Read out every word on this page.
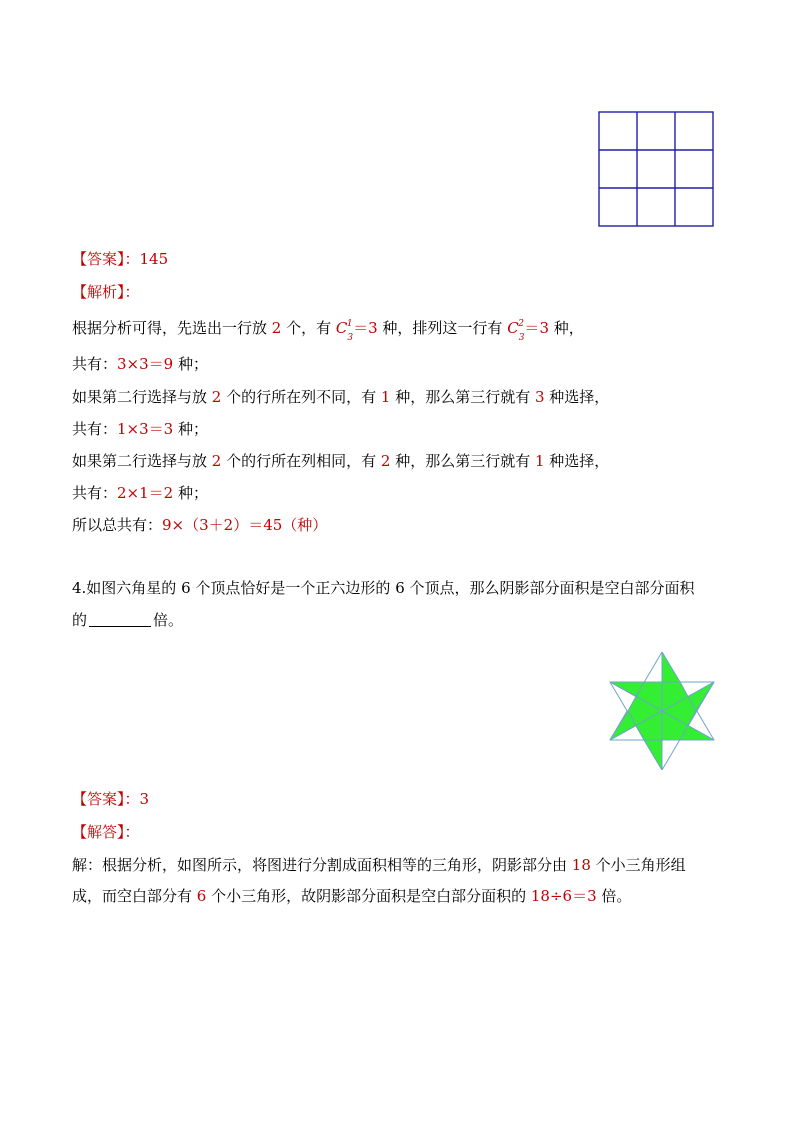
【答案】：145
【解析】：
根据分析可得，先选出一行放 2 个，有 $C_3$
1 ＝3 种，排列这一行有 $C_3$
2 ＝3 种，
共有：3×3＝9 种；
如果第二行选择与放 2 个的行所在列不同，有 1 种，那么第三行就有 3 种选择，
共有：1×3＝3 种；
如果第二行选择与放 2 个的行所在列相同，有 2 种，那么第三行就有 1 种选择，
共有：2×1＝2 种；
所以总共有：9×（3＋2）＝45（种）
4.如图六角星的 6 个顶点恰好是一个正六边形的 6 个顶点，那么阴影部分面积是空白部分面积
的	倍。
【答案】：3
【解答】：
解：根据分析，如图所示，将图进行分割成面积相等的三角形，阴影部分由 18 个小三角形组
成，而空白部分有 6 个小三角形，故阴影部分面积是空白部分面积的 18÷6＝3 倍。
